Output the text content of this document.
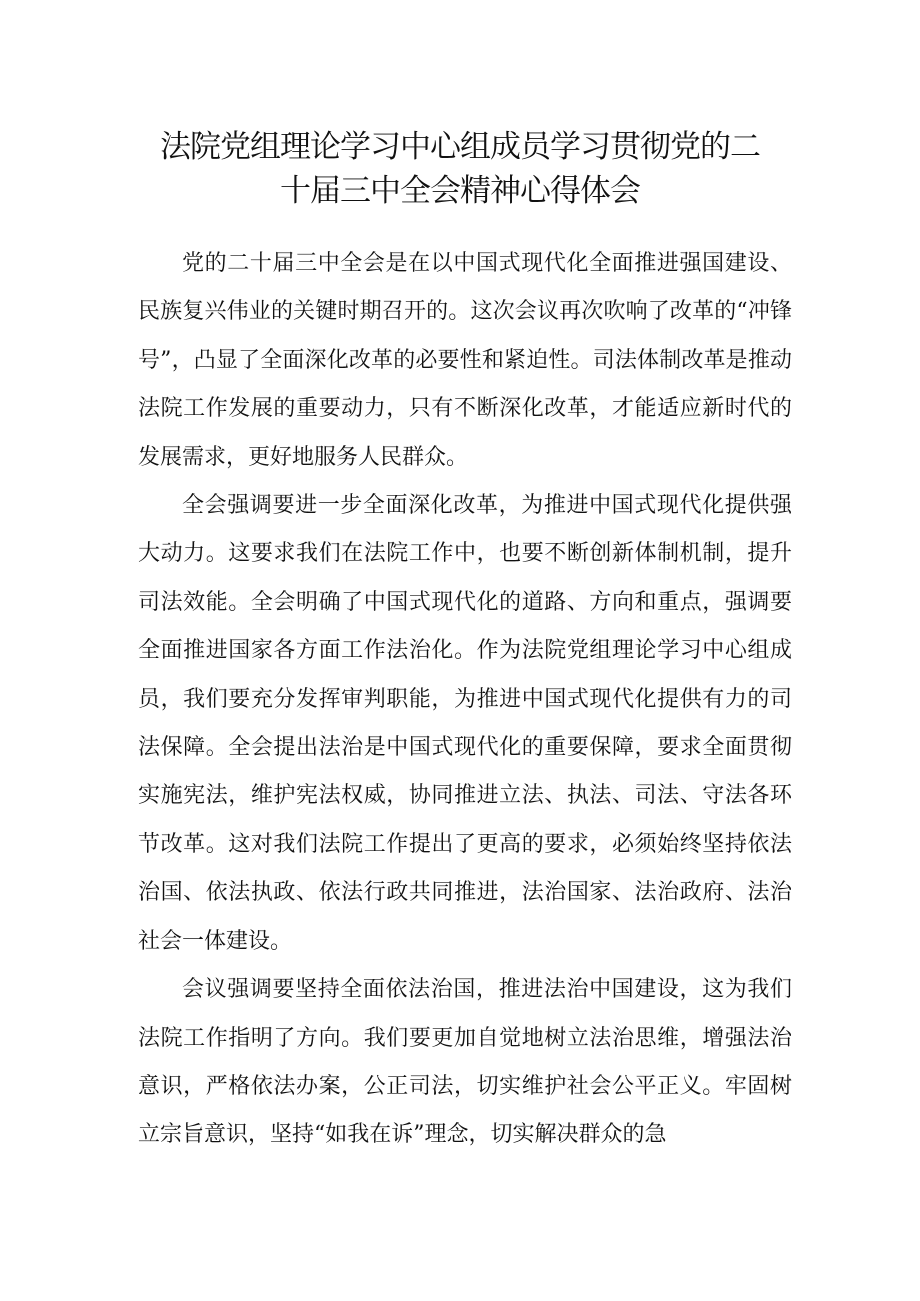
法院党组理论学习中心组成员学习贯彻党的二
十届三中全会精神心得体会

党的二十届三中全会是在以中国式现代化全面推进强国建设、民族复兴伟业的关键时期召开的。这次会议再次吹响了改革的“冲锋号”，凸显了全面深化改革的必要性和紧迫性。司法体制改革是推动法院工作发展的重要动力，只有不断深化改革，才能适应新时代的发展需求，更好地服务人民群众。

全会强调要进一步全面深化改革，为推进中国式现代化提供强大动力。这要求我们在法院工作中，也要不断创新体制机制，提升司法效能。全会明确了中国式现代化的道路、方向和重点，强调要全面推进国家各方面工作法治化。作为法院党组理论学习中心组成员，我们要充分发挥审判职能，为推进中国式现代化提供有力的司法保障。全会提出法治是中国式现代化的重要保障，要求全面贯彻实施宪法，维护宪法权威，协同推进立法、执法、司法、守法各环节改革。这对我们法院工作提出了更高的要求，必须始终坚持依法治国、依法执政、依法行政共同推进，法治国家、法治政府、法治社会一体建设。

会议强调要坚持全面依法治国，推进法治中国建设，这为我们法院工作指明了方向。我们要更加自觉地树立法治思维，增强法治意识，严格依法办案，公正司法，切实维护社会公平正义。牢固树立宗旨意识，坚持“如我在诉”理念，切实解决群众的急
